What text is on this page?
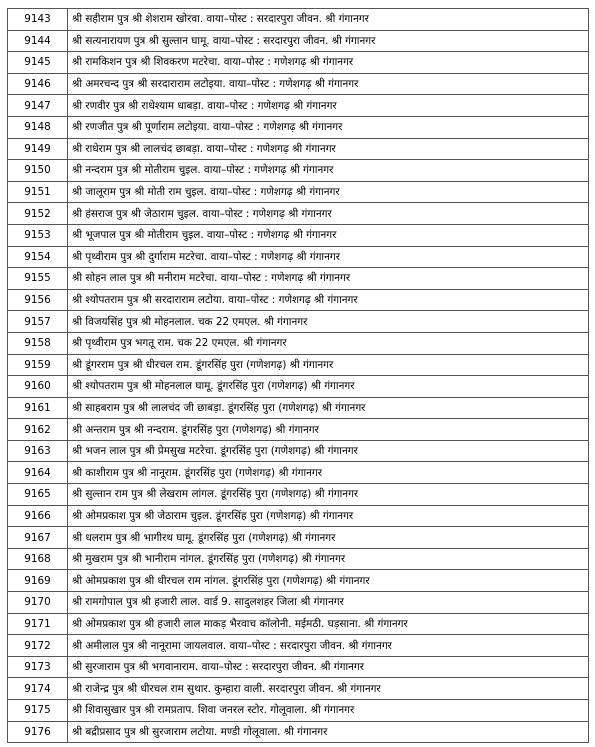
9143	श्री सहीराम पुत्र श्री शेशराम खोरवा. वाया–पोस्ट : सरदारपुरा जीवन. श्री गंगानगर
9144	श्री सत्यनारायण पुत्र श्री सुल्तान घामू. वाया–पोस्ट : सरदारपुरा जीवन. श्री गंगानगर
9145	श्री रामकिशन पुत्र श्री शिवकरण मटरेचा. वाया–पोस्ट : गणेशगढ़ श्री गंगानगर
9146	श्री अमरचन्द पुत्र श्री सरदाराराम लटोइया. वाया–पोस्ट : गणेशगढ़ श्री गंगानगर
9147	श्री रणवीर पुत्र श्री राधेश्याम धाबड़ा. वाया–पोस्ट : गणेशगढ़ श्री गंगानगर
9148	श्री रणजीत पुत्र श्री पूर्णाराम लटोइया. वाया–पोस्ट : गणेशगढ़ श्री गंगानगर
9149	श्री राधेराम पुत्र श्री लालचंद छाबड़ा. वाया–पोस्ट : गणेशगढ़ श्री गंगानगर
9150	श्री नन्दराम पुत्र श्री मोतीराम चुइल. वाया–पोस्ट : गणेशगढ़ श्री गंगानगर
9151	श्री जालूराम पुत्र श्री मोती राम चुइल. वाया–पोस्ट : गणेशगढ़ श्री गंगानगर
9152	श्री हंसराज पुत्र श्री जेठाराम चुइल. वाया–पोस्ट : गणेशगढ़ श्री गंगानगर
9153	श्री भूजपाल पुत्र श्री मोतीराम चुइल. वाया–पोस्ट : गणेशगढ़ श्री गंगानगर
9154	श्री पृथ्वीराम पुत्र श्री दुर्गाराम मटरेचा. वाया–पोस्ट : गणेशगढ़ श्री गंगानगर
9155	श्री सोहन लाल पुत्र श्री मनीराम मटरेचा. वाया–पोस्ट : गणेशगढ़ श्री गंगानगर
9156	श्री श्योपतराम पुत्र श्री सरदाराराम लटोया. वाया–पोस्ट : गणेशगढ़ श्री गंगानगर
9157	श्री विजयसिंह पुत्र श्री मोहनलाल. चक 22 एमएल. श्री गंगानगर
9158	श्री पृथ्वीराम पुत्र भगतू राम. चक 22 एमएल. श्री गंगानगर
9159	श्री डूंगरराम पुत्र श्री धीरचल राम. डूंगरसिंह पुरा (गणेशगढ़) श्री गंगानगर
9160	श्री श्योपतराम पुत्र श्री मोहनलाल घामू. डूंगरसिंह पुरा (गणेशगढ़) श्री गंगानगर
9161	श्री साहबराम पुत्र श्री लालचंद जी छाबड़ा. डूंगरसिंह पुरा (गणेशगढ़) श्री गंगानगर
9162	श्री अन्तराम पुत्र श्री नन्दराम. डूंगरसिंह पुरा (गणेशगढ़) श्री गंगानगर
9163	श्री भजन लाल पुत्र श्री प्रेमसुख मटरेचा. डूंगरसिंह पुरा (गणेशगढ़) श्री गंगानगर
9164	श्री काशीराम पुत्र श्री नानूराम. डूंगरसिंह पुरा (गणेशगढ़) श्री गंगानगर
9165	श्री सुल्तान राम पुत्र श्री लेखराम लांगल. डूंगरसिंह पुरा (गणेशगढ़) श्री गंगानगर
9166	श्री ओमप्रकाश पुत्र श्री जेठाराम चुइल. डूंगरसिंह पुरा (गणेशगढ़) श्री गंगानगर
9167	श्री धलराम पुत्र श्री भागीरथ घामू. डूंगरसिंह पुरा (गणेशगढ़) श्री गंगानगर
9168	श्री मुखराम पुत्र श्री भानीराम नांगल. डूंगरसिंह पुरा (गणेशगढ़) श्री गंगानगर
9169	श्री ओमप्रकाश पुत्र श्री धीरचल राम नांगल. डूंगरसिंह पुरा (गणेशगढ़) श्री गंगानगर
9170	श्री रामगोपाल पुत्र श्री हजारी लाल. वार्ड 9. सादुलशहर जिला श्री गंगानगर
9171	श्री ओमप्रकाश पुत्र श्री हजारी लाल माकड़ भैरवाच कॉलोनी. मईमठी. घड़साना. श्री गंगानगर
9172	श्री अमीलाल पुत्र श्री नानूरामा जायलवाल. वाया–पोस्ट : सरदारपुरा जीवन. श्री गंगानगर
9173	श्री सुरजाराम पुत्र श्री भगवानाराम. वाया–पोस्ट : सरदारपुरा जीवन. श्री गंगानगर
9174	श्री राजेन्द्र पुत्र श्री धीरचल राम सुथार. कुम्हारा वाली. सरदारपुरा जीवन. श्री गंगानगर
9175	श्री शिवासुखार पुत्र श्री रामप्रताप. शिवा जनरल स्टोर. गोलूवाला. श्री गंगानगर
9176	श्री बद्रीप्रसाद पुत्र श्री सुरजाराम लटोया. मण्डी गोलूवाला. श्री गंगानगर
